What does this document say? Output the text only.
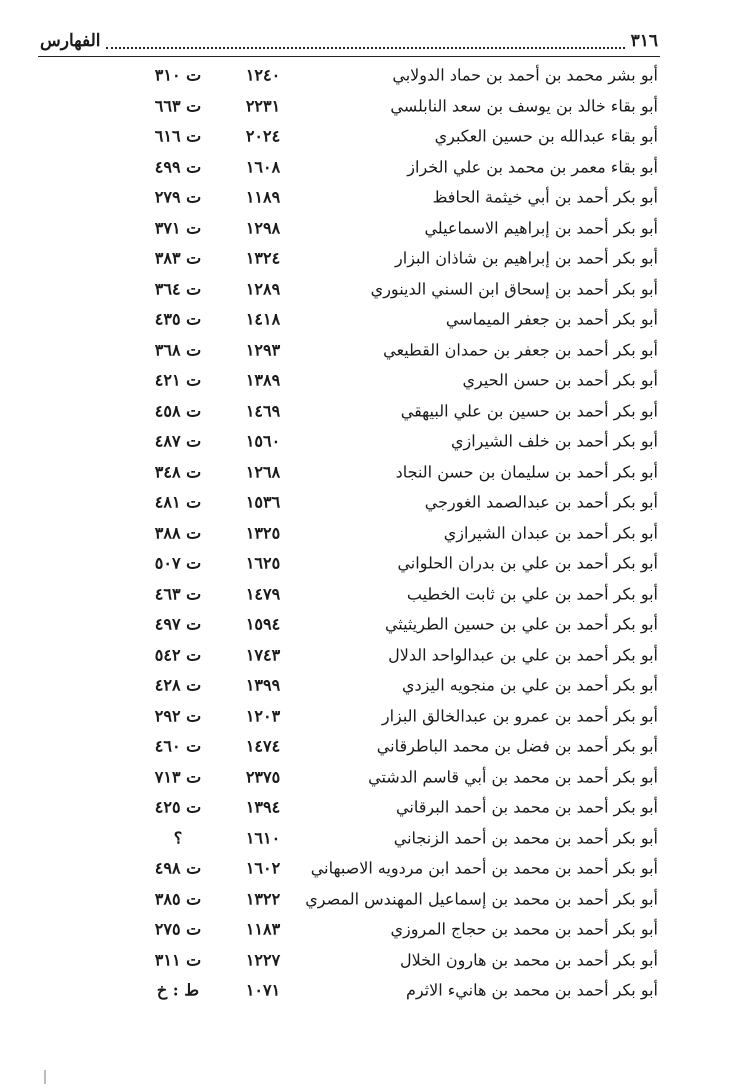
٣١٦
الفهارس
أبو بشر محمد بن أحمد بن حماد الدولابي
١٢٤٠
ت ٣١٠
أبو بقاء خالد بن يوسف بن سعد النابلسي
٢٢٣١
ت ٦٦٣
أبو بقاء عبدالله بن حسين العكبري
٢٠٢٤
ت ٦١٦
أبو بقاء معمر بن محمد بن علي الخراز
١٦٠٨
ت ٤٩٩
أبو بكر أحمد بن أبي خيثمة الحافظ
١١٨٩
ت ٢٧٩
أبو بكر أحمد بن إبراهيم الاسماعيلي
١٢٩٨
ت ٣٧١
أبو بكر أحمد بن إبراهيم بن شاذان البزار
١٣٢٤
ت ٣٨٣
أبو بكر أحمد بن إسحاق ابن السني الدينوري
١٢٨٩
ت ٣٦٤
أبو بكر أحمد بن جعفر الميماسي
١٤١٨
ت ٤٣٥
أبو بكر أحمد بن جعفر بن حمدان القطيعي
١٢٩٣
ت ٣٦٨
أبو بكر أحمد بن حسن الحيري
١٣٨٩
ت ٤٢١
أبو بكر أحمد بن حسين بن علي البيهقي
١٤٦٩
ت ٤٥٨
أبو بكر أحمد بن خلف الشيرازي
١٥٦٠
ت ٤٨٧
أبو بكر أحمد بن سليمان بن حسن النجاد
١٢٦٨
ت ٣٤٨
أبو بكر أحمد بن عبدالصمد الغورجي
١٥٣٦
ت ٤٨١
أبو بكر أحمد بن عبدان الشيرازي
١٣٢٥
ت ٣٨٨
أبو بكر أحمد بن علي بن بدران الحلواني
١٦٢٥
ت ٥٠٧
أبو بكر أحمد بن علي بن ثابت الخطيب
١٤٧٩
ت ٤٦٣
أبو بكر أحمد بن علي بن حسين الطريثيثي
١٥٩٤
ت ٤٩٧
أبو بكر أحمد بن علي بن عبدالواحد الدلال
١٧٤٣
ت ٥٤٢
أبو بكر أحمد بن علي بن منجويه اليزدي
١٣٩٩
ت ٤٢٨
أبو بكر أحمد بن عمرو بن عبدالخالق البزار
١٢٠٣
ت ٢٩٢
أبو بكر أحمد بن فضل بن محمد الباطرقاني
١٤٧٤
ت ٤٦٠
أبو بكر أحمد بن محمد بن أبي قاسم الدشتي
٢٣٧٥
ت ٧١٣
أبو بكر أحمد بن محمد بن أحمد البرقاني
١٣٩٤
ت ٤٢٥
أبو بكر أحمد بن محمد بن أحمد الزنجاني
١٦١٠
؟
أبو بكر أحمد بن محمد بن أحمد ابن مردويه الاصبهاني
١٦٠٢
ت ٤٩٨
أبو بكر أحمد بن محمد بن إسماعيل المهندس المصري
١٣٢٢
ت ٣٨٥
أبو بكر أحمد بن محمد بن حجاج المروزي
١١٨٣
ت ٢٧٥
أبو بكر أحمد بن محمد بن هارون الخلال
١٢٢٧
ت ٣١١
أبو بكر أحمد بن محمد بن هانيء الاثرم
١٠٧١
ط : خ
